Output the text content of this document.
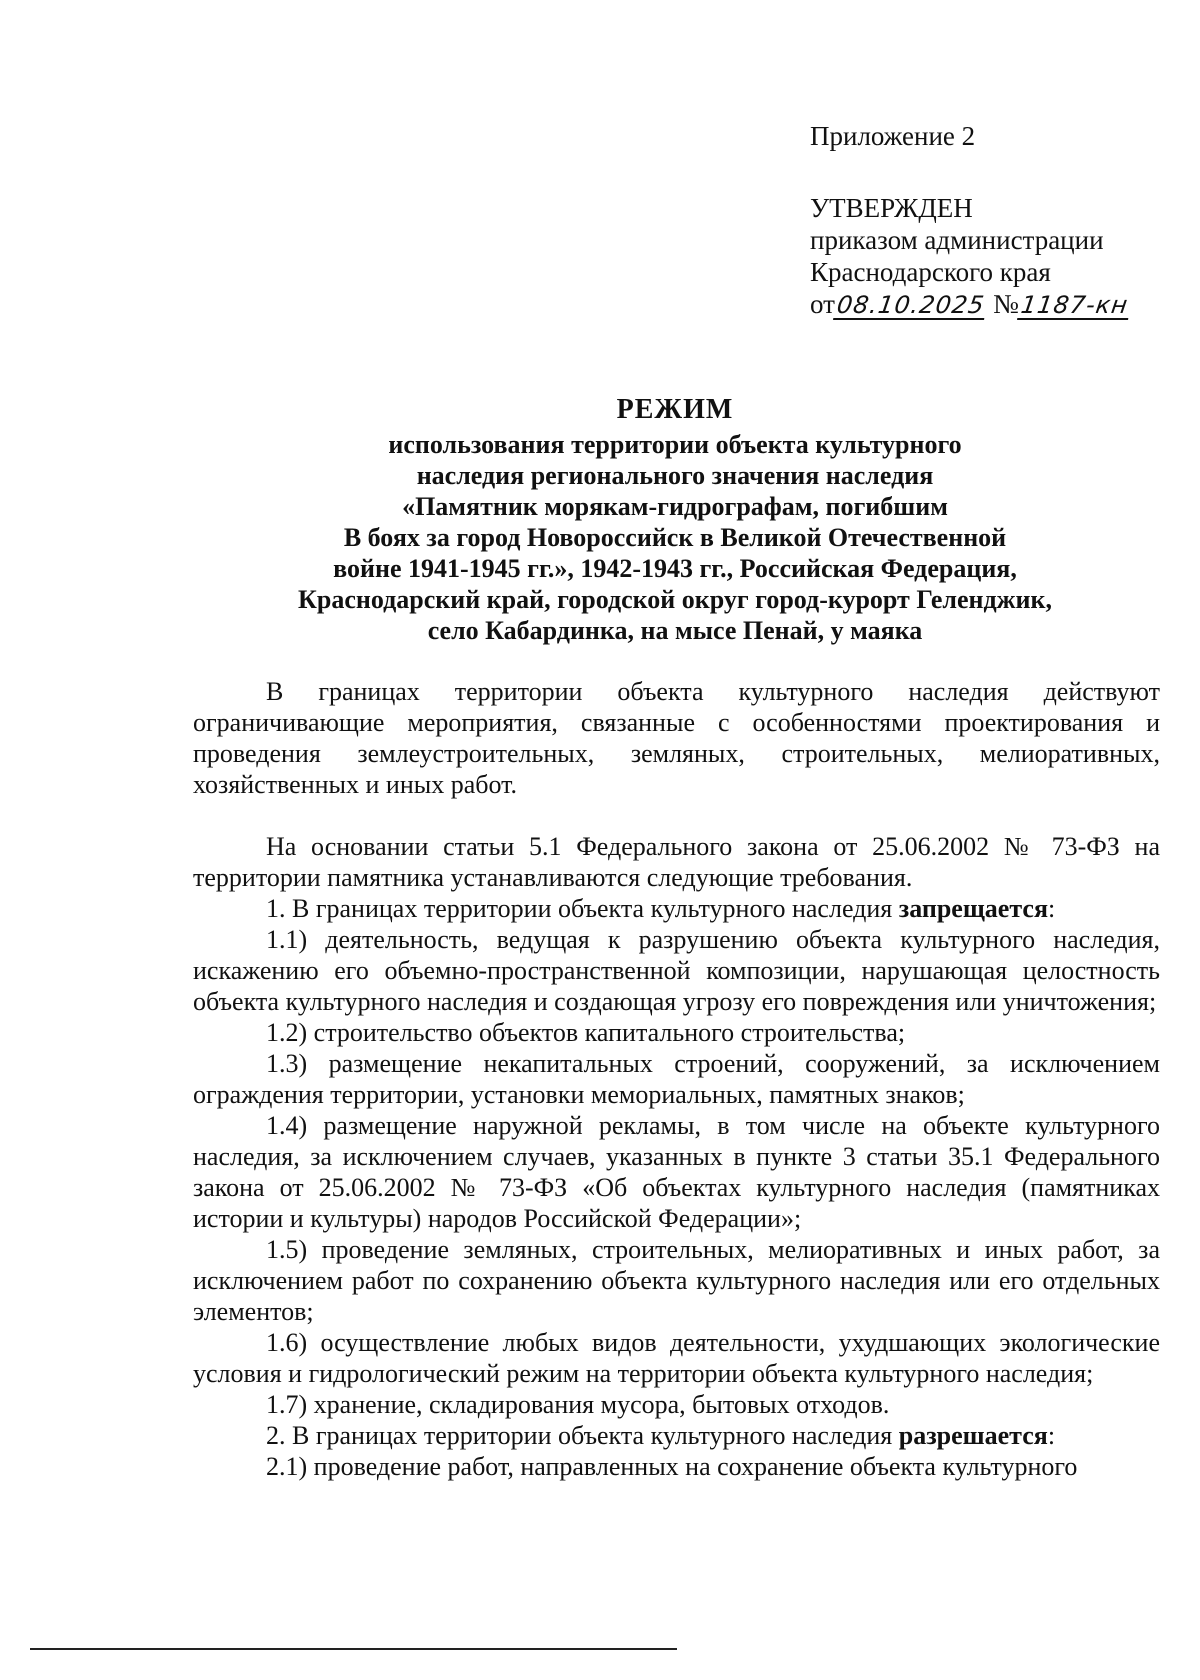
Приложение 2
УТВЕРЖДЕН
приказом администрации
Краснодарского края
от08.10.2025 №1187-кн
РЕЖИМ
использования территории объекта культурного
наследия регионального значения наследия
«Памятник морякам-гидрографам, погибшим
В боях за город Новороссийск в Великой Отечественной
войне 1941-1945 гг.», 1942-1943 гг., Российская Федерация,
Краснодарский край, городской округ город-курорт Геленджик,
село Кабардинка, на мысе Пенай, у маяка

В границах территории объекта культурного наследия действуют ограничивающие мероприятия, связанные с особенностями проектирования и проведения землеустроительных, земляных, строительных, мелиоративных, хозяйственных и иных работ.

На основании статьи 5.1 Федерального закона от 25.06.2002 № 73-ФЗ на территории памятника устанавливаются следующие требования.

1. В границах территории объекта культурного наследия запрещается:

1.1) деятельность, ведущая к разрушению объекта культурного наследия, искажению его объемно-пространственной композиции, нарушающая целостность объекта культурного наследия и создающая угрозу его повреждения или уничтожения;

1.2) строительство объектов капитального строительства;

1.3) размещение некапитальных строений, сооружений, за исключением ограждения территории, установки мемориальных, памятных знаков;

1.4) размещение наружной рекламы, в том числе на объекте культурного наследия, за исключением случаев, указанных в пункте 3 статьи 35.1 Федерального закона от 25.06.2002 № 73-ФЗ «Об объектах культурного наследия (памятниках истории и культуры) народов Российской Федерации»;

1.5) проведение земляных, строительных, мелиоративных и иных работ, за исключением работ по сохранению объекта культурного наследия или его отдельных элементов;

1.6) осуществление любых видов деятельности, ухудшающих экологические условия и гидрологический режим на территории объекта культурного наследия;

1.7) хранение, складирования мусора, бытовых отходов.

2. В границах территории объекта культурного наследия разрешается:

2.1) проведение работ, направленных на сохранение объекта культурного
